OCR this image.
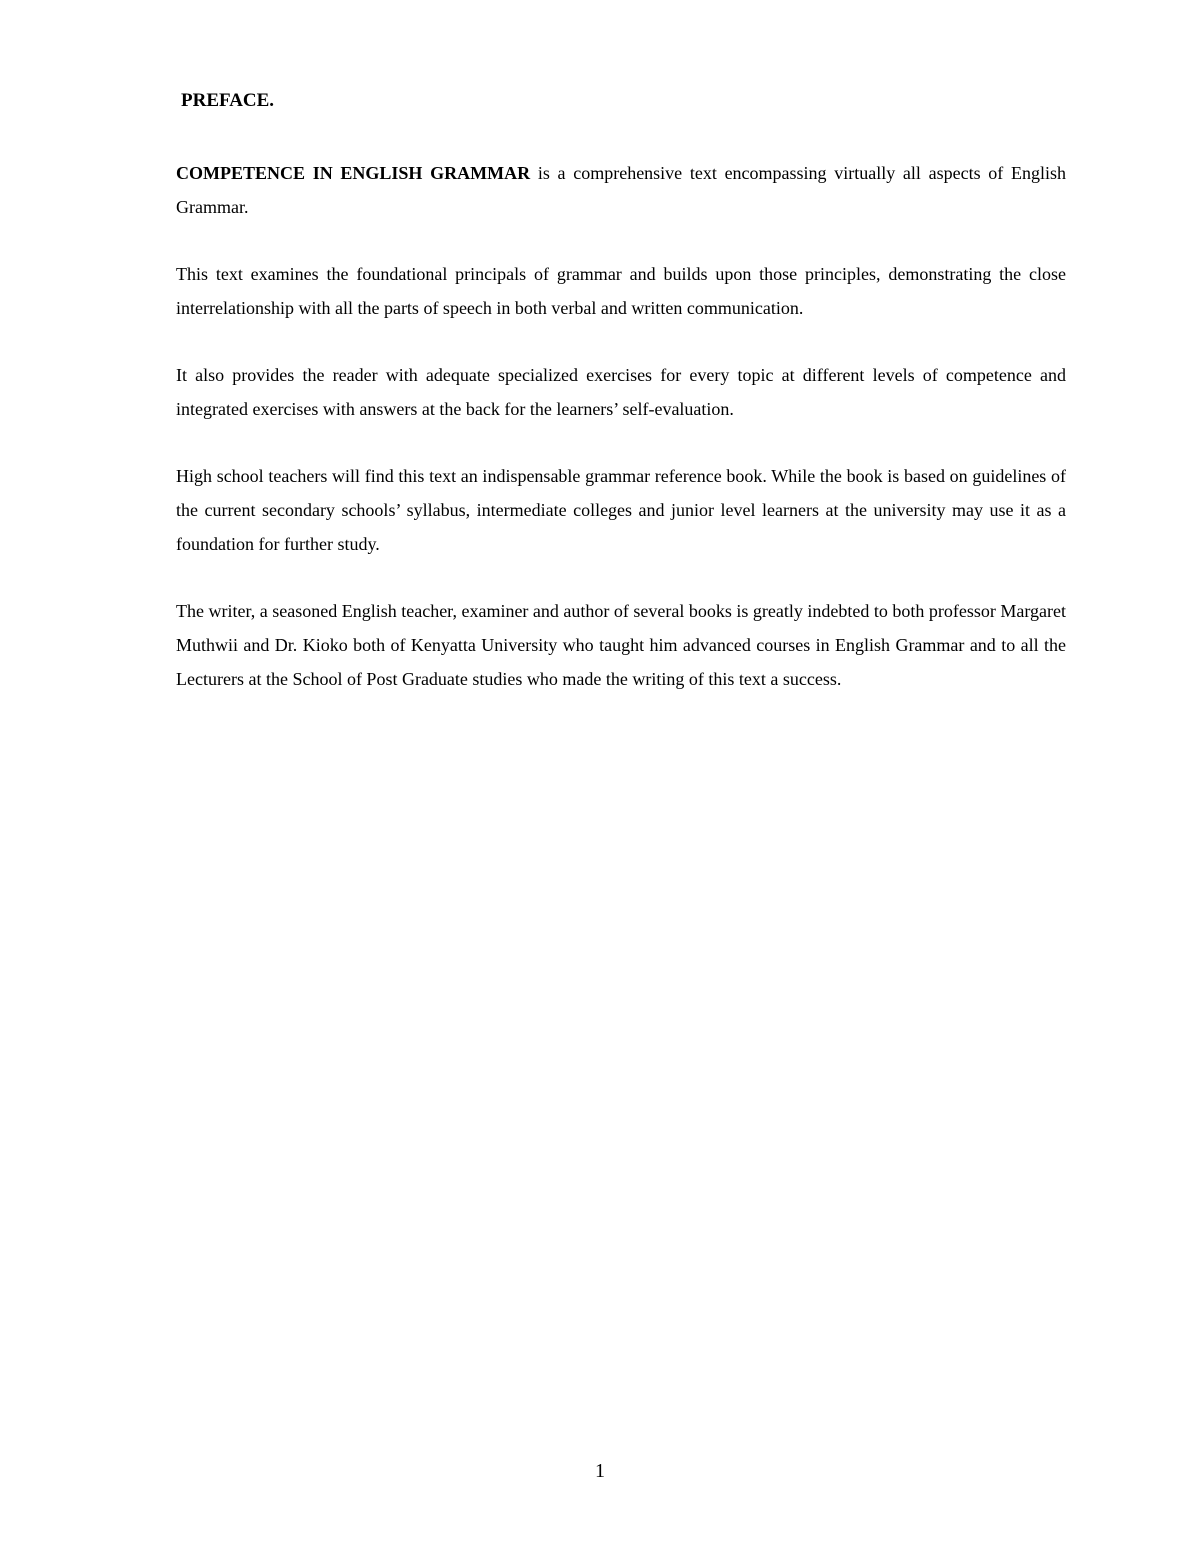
PREFACE.

COMPETENCE IN ENGLISH GRAMMAR is a comprehensive text encompassing virtually all aspects of English Grammar.

This text examines the foundational principals of grammar and builds upon those principles, demonstrating the close interrelationship with all the parts of speech in both verbal and written communication.

It also provides the reader with adequate specialized exercises for every topic at different levels of competence and integrated exercises with answers at the back for the learners’ self-evaluation.

High school teachers will find this text an indispensable grammar reference book. While the book is based on guidelines of the current secondary schools’ syllabus, intermediate colleges and junior level learners at the university may use it as a foundation for further study.

The writer, a seasoned English teacher, examiner and author of several books is greatly indebted to both professor Margaret Muthwii and Dr. Kioko both of Kenyatta University who taught him advanced courses in English Grammar and to all the Lecturers at the School of Post Graduate studies who made the writing of this text a success.

1
